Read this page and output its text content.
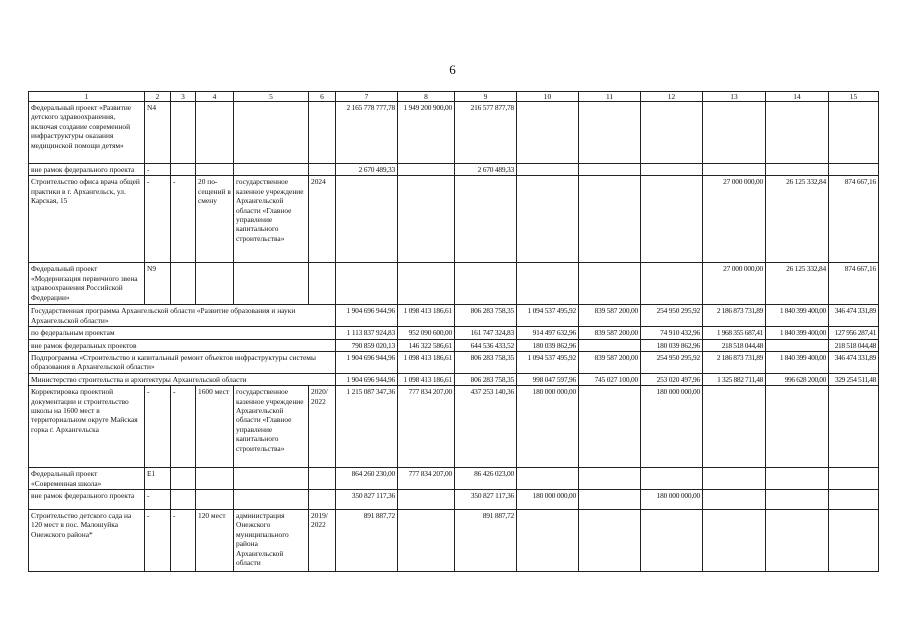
6
1	2	3	4	5	6	7	8	9	10	11	12	13	14	15
Федеральный проект «Развитие детского здравоохранения, включая создание современной инфраструктуры оказания медицинской помощи детям»	N4					2 165 778 777,78	1 949 200 900,00	216 577 877,78						
вне рамок федерального проекта	-					2 670 489,33		2 670 489,33						
Строительство офиса врача общей практики в г. Архангельск, ул. Карская, 15	-	-	20 по-сещений в смену	государственное казенное учреждение Архангельской области «Главное управление капитального строительства»	2024							27 000 000,00	26 125 332,84	874 667,16
Федеральный проект «Модернизация первичного звена здравоохранения Российской Федерации»	N9											27 000 000,00	26 125 332,84	874 667,16
Государственная программа Архангельской области «Развитие образования и науки Архангельской области»						1 904 696 944,96	1 098 413 186,61	806 283 758,35	1 094 537 495,92	839 587 200,00	254 950 295,92	2 186 873 731,89	1 840 399 400,00	346 474 331,89
по федеральным проектам						1 113 837 924,83	952 090 600,00	161 747 324,83	914 497 632,96	839 587 200,00	74 910 432,96	1 968 355 687,41	1 840 399 400,00	127 956 287,41
вне рамок федеральных проектов						790 859 020,13	146 322 586,61	644 536 433,52	180 039 862,96		180 039 862,96	218 518 044,48		218 518 044,48
Подпрограмма «Строительство и капитальный ремонт объектов инфраструктуры системы образования в Архангельской области»						1 904 696 944,96	1 098 413 186,61	806 283 758,35	1 094 537 495,92	839 587 200,00	254 950 295,92	2 186 873 731,89	1 840 399 400,00	346 474 331,89
Министерство строительства и архитектуры Архангельской области						1 904 696 944,96	1 098 413 186,61	806 283 758,35	998 047 597,96	745 027 100,00	253 020 497,96	1 325 882 711,48	996 628 200,00	329 254 511,48
Корректировка проектной документации и строительство школы на 1600 мест в территориальном округе Майская горка г. Архангельска	-	-	1600 мест	государственное казенное учреждение Архангельской области «Главное управление капитального строительства»	2020/ 2022	1 215 087 347,36	777 834 207,00	437 253 140,36	180 000 000,00		180 000 000,00			
Федеральный проект «Современная школа»	E1					864 260 230,00	777 834 207,00	86 426 023,00						
вне рамок федерального проекта	-					350 827 117,36		350 827 117,36	180 000 000,00		180 000 000,00			
Строительство детского сада на 120 мест в пос. Малошуйка Онежского района*	-	-	120 мест	администрация Онежского муниципального района Архангельской области	2019/ 2022	891 887,72		891 887,72						
